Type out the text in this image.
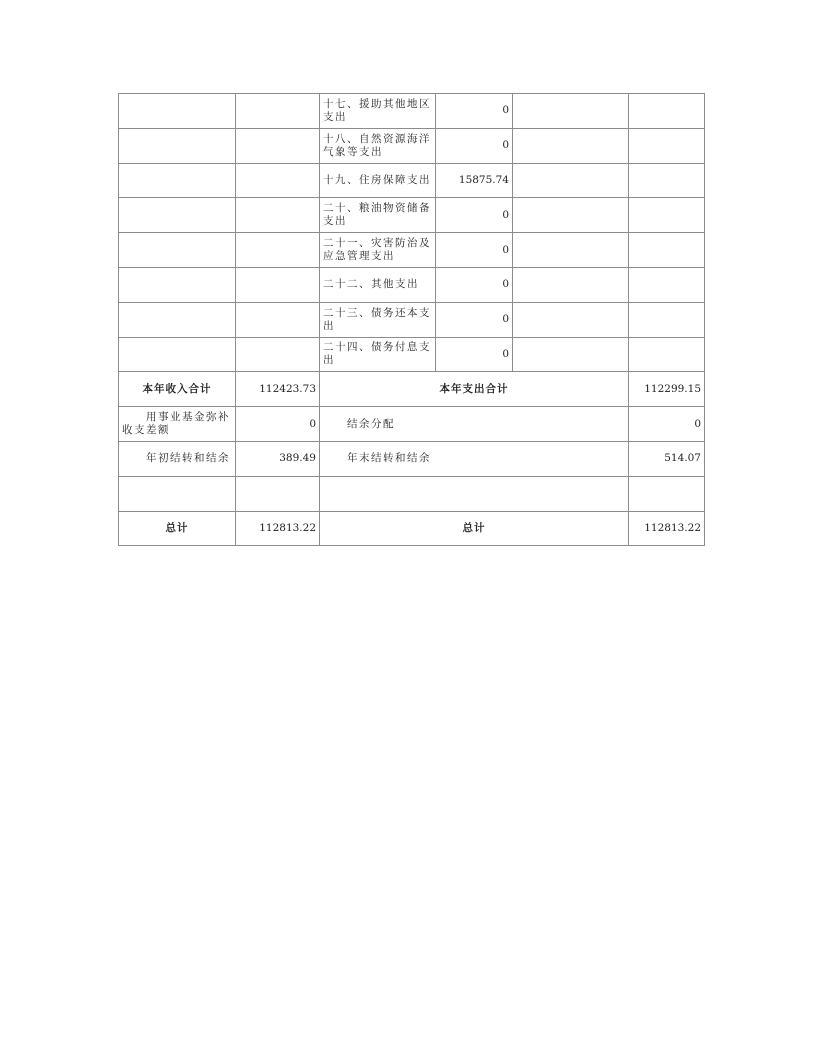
		十七、援助其他地区支出	0		
		十八、自然资源海洋气象等支出	0		
		十九、住房保障支出	15875.74		
		二十、粮油物资储备支出	0		
		二十一、灾害防治及应急管理支出	0		
		二十二、其他支出	0		
		二十三、债务还本支出	0		
		二十四、债务付息支出	0		
本年收入合计	112423.73	本年支出合计			112299.15

用事业基金弥补收支差额	0	结余分配			0

年初结转和结余	389.49	年末结转和结余			514.07

总计	112813.22	总计			112813.22
